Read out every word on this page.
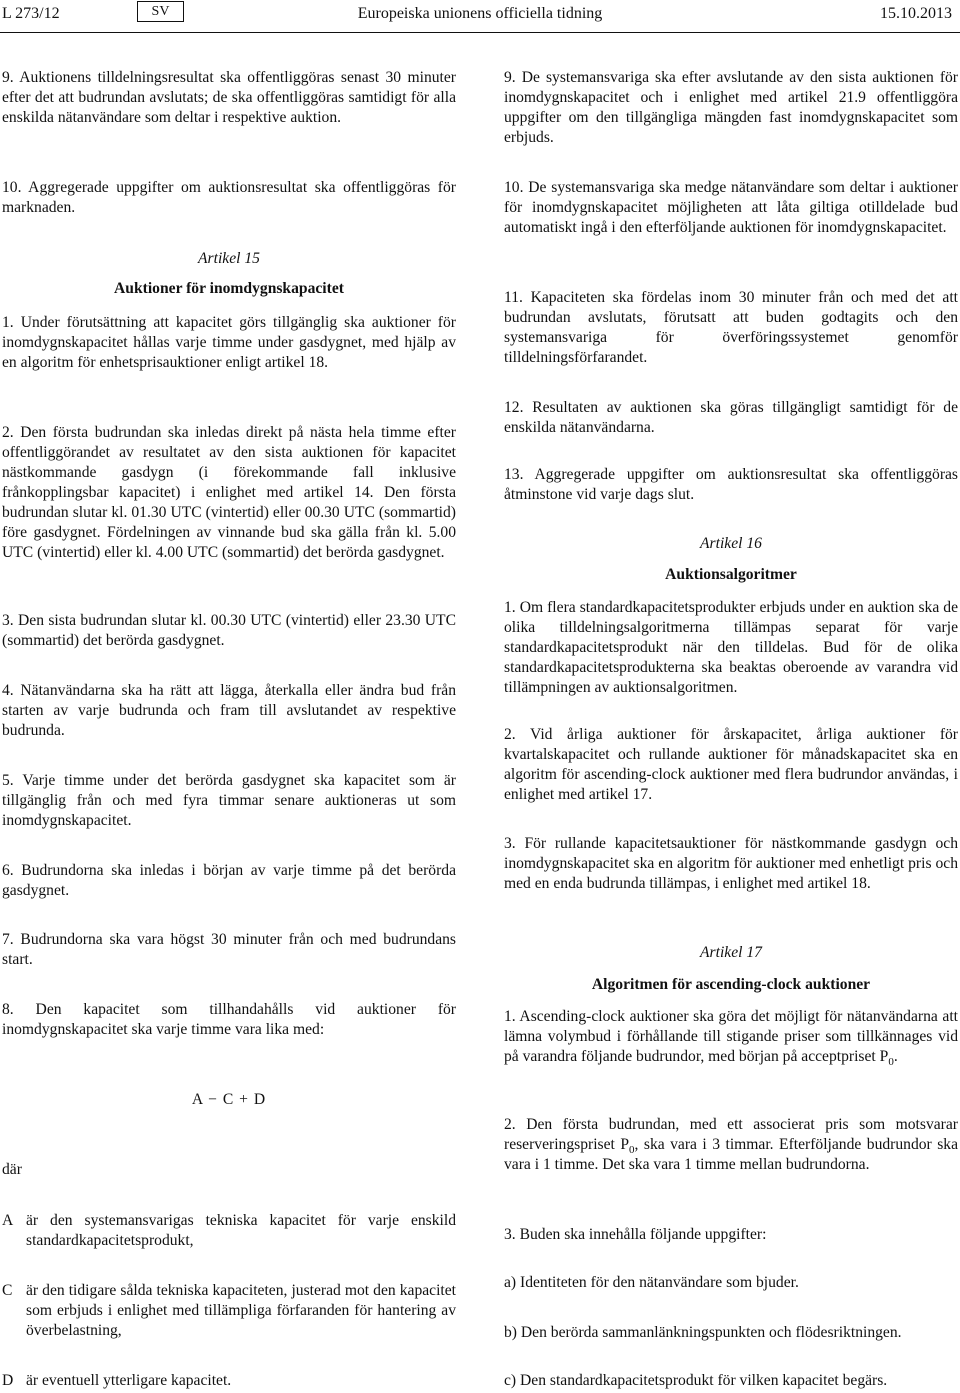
L 273/12	SV	Europeiska unionens officiella tidning	15.10.2013

9. Auktionens tilldelningsresultat ska offentliggöras senast 30 minuter efter det att budrundan avslutats; de ska offentliggöras samtidigt för alla enskilda nätanvändare som deltar i respektive auktion.

10. Aggregerade uppgifter om auktionsresultat ska offentliggöras för marknaden.

Artikel 15

Auktioner för inomdygnskapacitet

1. Under förutsättning att kapacitet görs tillgänglig ska auktioner för inomdygnskapacitet hållas varje timme under gasdygnet, med hjälp av en algoritm för enhetsprisauktioner enligt artikel 18.

2. Den första budrundan ska inledas direkt på nästa hela timme efter offentliggörandet av resultatet av den sista auktionen för kapacitet nästkommande gasdygn (i förekommande fall inklusive frånkopplingsbar kapacitet) i enlighet med artikel 14. Den första budrundan slutar kl. 01.30 UTC (vintertid) eller 00.30 UTC (sommartid) före gasdygnet. Fördelningen av vinnande bud ska gälla från kl. 5.00 UTC (vintertid) eller kl. 4.00 UTC (sommartid) det berörda gasdygnet.

3. Den sista budrundan slutar kl. 00.30 UTC (vintertid) eller 23.30 UTC (sommartid) det berörda gasdygnet.

4. Nätanvändarna ska ha rätt att lägga, återkalla eller ändra bud från starten av varje budrunda och fram till avslutandet av respektive budrunda.

5. Varje timme under det berörda gasdygnet ska kapacitet som är tillgänglig från och med fyra timmar senare auktioneras ut som inomdygnskapacitet.

6. Budrundorna ska inledas i början av varje timme på det berörda gasdygnet.

7. Budrundorna ska vara högst 30 minuter från och med budrundans start.

8. Den kapacitet som tillhandahålls vid auktioner för inomdygnskapacitet ska varje timme vara lika med:

A − C + D

där

A är den systemansvarigas tekniska kapacitet för varje enskild standardkapacitetsprodukt,
C är den tidigare sålda tekniska kapaciteten, justerad mot den kapacitet som erbjuds i enlighet med tillämpliga förfaranden för hantering av överbelastning,
D är eventuell ytterligare kapacitet.

9. De systemansvariga ska efter avslutande av den sista auktionen för inomdygnskapacitet och i enlighet med artikel 21.9 offentliggöra uppgifter om den tillgängliga mängden fast inomdygnskapacitet som erbjuds.

10. De systemansvariga ska medge nätanvändare som deltar i auktioner för inomdygnskapacitet möjligheten att låta giltiga otilldelade bud automatiskt ingå i den efterföljande auktionen för inomdygnskapacitet.

11. Kapaciteten ska fördelas inom 30 minuter från och med det att budrundan avslutats, förutsatt att buden godtagits och den systemansvariga för överföringssystemet genomför tilldelningsförfarandet.

12. Resultaten av auktionen ska göras tillgängligt samtidigt för de enskilda nätanvändarna.

13. Aggregerade uppgifter om auktionsresultat ska offentliggöras åtminstone vid varje dags slut.

Artikel 16

Auktionsalgoritmer

1. Om flera standardkapacitetsprodukter erbjuds under en auktion ska de olika tilldelningsalgoritmerna tillämpas separat för varje standardkapacitetsprodukt när den tilldelas. Bud för de olika standardkapacitetsprodukterna ska beaktas oberoende av varandra vid tillämpningen av auktionsalgoritmen.

2. Vid årliga auktioner för årskapacitet, årliga auktioner för kvartalskapacitet och rullande auktioner för månadskapacitet ska en algoritm för ascending-clock auktioner med flera budrundor användas, i enlighet med artikel 17.

3. För rullande kapacitetsauktioner för nästkommande gasdygn och inomdygnskapacitet ska en algoritm för auktioner med enhetligt pris och med en enda budrunda tillämpas, i enlighet med artikel 18.

Artikel 17

Algoritmen för ascending-clock auktioner

1. Ascending-clock auktioner ska göra det möjligt för nätanvändarna att lämna volymbud i förhållande till stigande priser som tillkännages vid på varandra följande budrundor, med början på acceptpriset $P_0$.

2. Den första budrundan, med ett associerat pris som motsvarar reserveringspriset $P_0$, ska vara i 3 timmar. Efterföljande budrundor ska vara i 1 timme. Det ska vara 1 timme mellan budrundorna.

3. Buden ska innehålla följande uppgifter:

a) Identiteten för den nätanvändare som bjuder.

b) Den berörda sammanlänkningspunkten och flödesriktningen.

c) Den standardkapacitetsprodukt för vilken kapacitet begärs.
